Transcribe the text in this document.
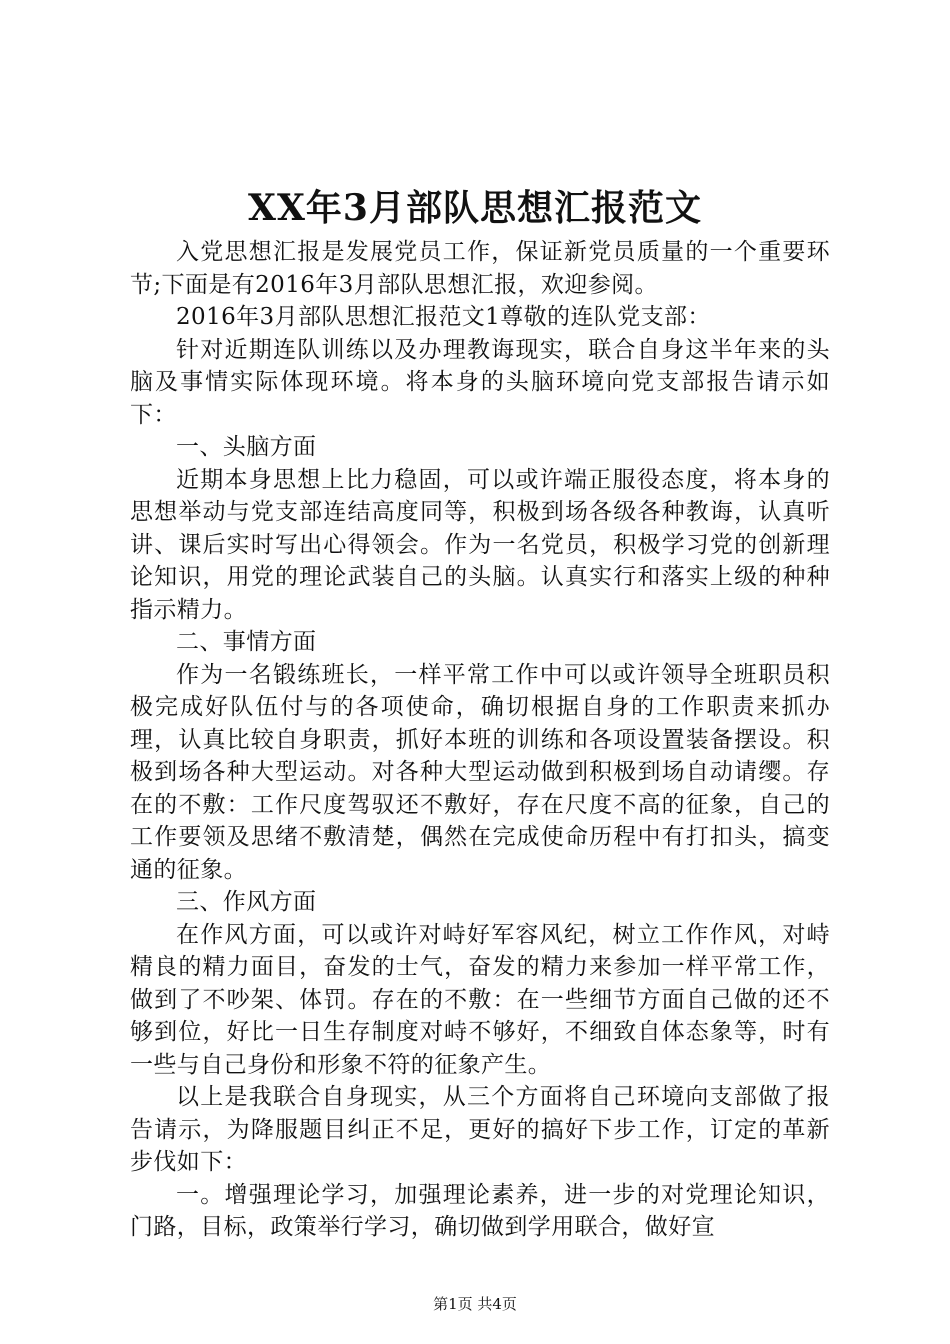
XX年3月部队思想汇报范文

入党思想汇报是发展党员工作，保证新党员质量的一个重要环节;下面是有2016年3月部队思想汇报，欢迎参阅。

2016年3月部队思想汇报范文1尊敬的连队党支部：

针对近期连队训练以及办理教诲现实，联合自身这半年来的头脑及事情实际体现环境。将本身的头脑环境向党支部报告请示如下：

一、头脑方面

近期本身思想上比力稳固，可以或许端正服役态度，将本身的思想举动与党支部连结高度同等，积极到场各级各种教诲，认真听讲、课后实时写出心得领会。作为一名党员，积极学习党的创新理论知识，用党的理论武装自己的头脑。认真实行和落实上级的种种指示精力。

二、事情方面

作为一名锻练班长，一样平常工作中可以或许领导全班职员积极完成好队伍付与的各项使命，确切根据自身的工作职责来抓办理，认真比较自身职责，抓好本班的训练和各项设置装备摆设。积极到场各种大型运动。对各种大型运动做到积极到场自动请缨。存在的不敷：工作尺度驾驭还不敷好，存在尺度不高的征象，自己的工作要领及思绪不敷清楚，偶然在完成使命历程中有打扣头，搞变通的征象。

三、作风方面

在作风方面，可以或许对峙好军容风纪，树立工作作风，对峙精良的精力面目，奋发的士气，奋发的精力来参加一样平常工作，做到了不吵架、体罚。存在的不敷：在一些细节方面自己做的还不够到位，好比一日生存制度对峙不够好，不细致自体态象等，时有一些与自己身份和形象不符的征象产生。

以上是我联合自身现实，从三个方面将自己环境向支部做了报告请示，为降服题目纠正不足，更好的搞好下步工作，订定的革新步伐如下：

一。增强理论学习，加强理论素养，进一步的对党理论知识，门路，目标，政策举行学习，确切做到学用联合，做好宣

第1页 共4页
